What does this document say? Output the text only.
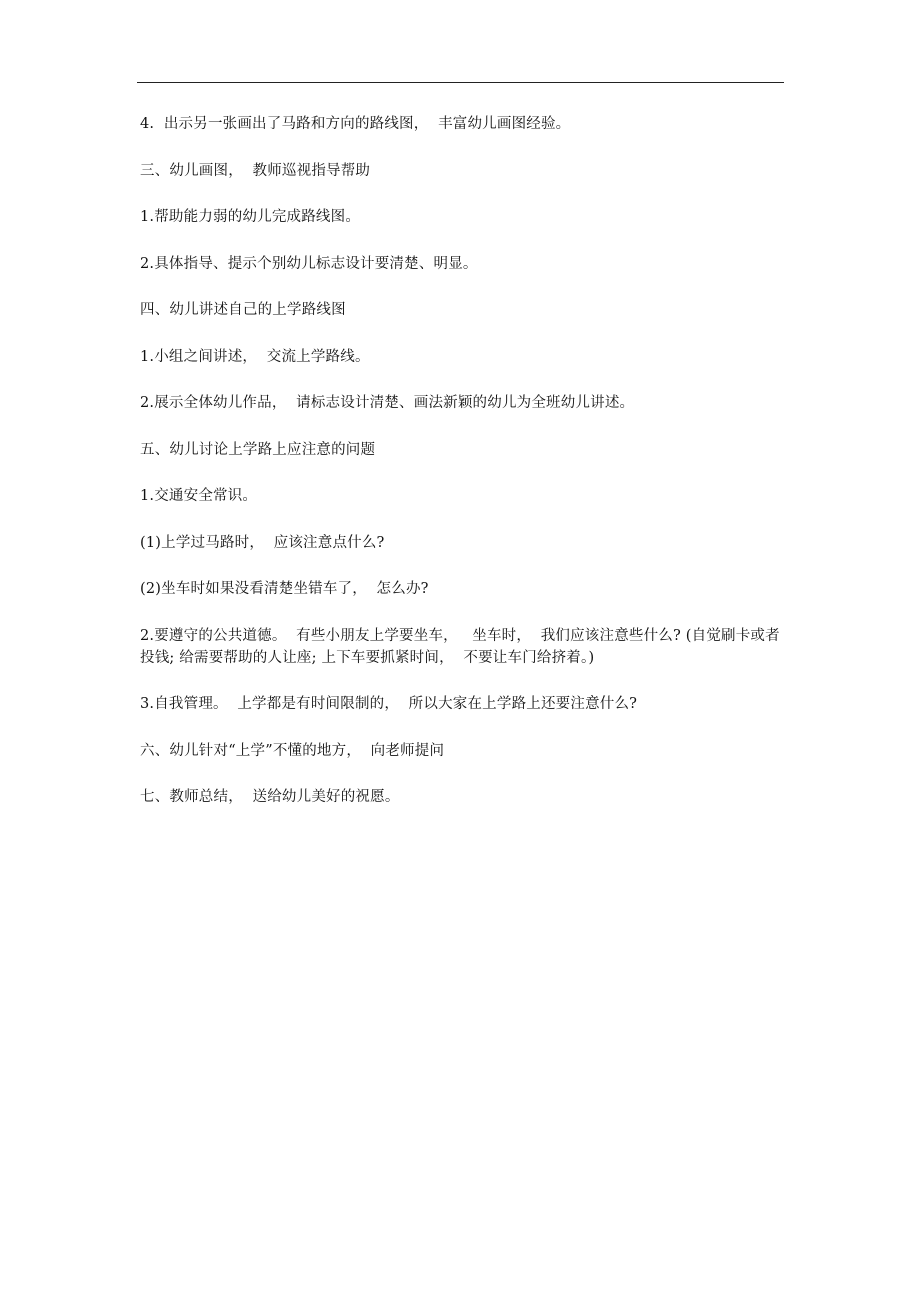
4.  出示另一张画出了马路和方向的路线图，  丰富幼儿画图经验。

三、幼儿画图，  教师巡视指导帮助

1.帮助能力弱的幼儿完成路线图。

2.具体指导、提示个别幼儿标志设计要清楚、明显。

四、幼儿讲述自己的上学路线图

1.小组之间讲述，  交流上学路线。

2.展示全体幼儿作品，  请标志设计清楚、画法新颖的幼儿为全班幼儿讲述。

五、幼儿讨论上学路上应注意的问题

1.交通安全常识。

(1)上学过马路时，  应该注意点什么?

(2)坐车时如果没看清楚坐错车了，  怎么办?

2.要遵守的公共道德。  有些小朋友上学要坐车，   坐车时，  我们应该注意些什么? (自觉刷卡或者投钱; 给需要帮助的人让座; 上下车要抓紧时间，  不要让车门给挤着。)

3.自我管理。  上学都是有时间限制的，  所以大家在上学路上还要注意什么?

六、幼儿针对“上学”不懂的地方，  向老师提问

七、教师总结，  送给幼儿美好的祝愿。
